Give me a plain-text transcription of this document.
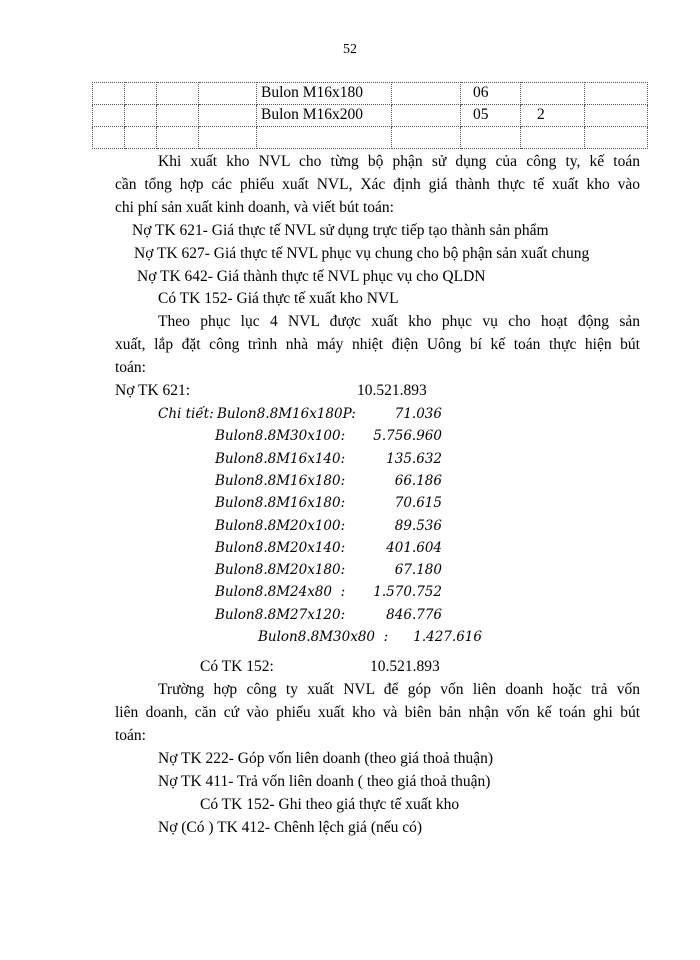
52
				Bulon M16x180		06		
				Bulon M16x200		05	2	

Khi xuất kho NVL cho từng bộ phận sử dụng của công ty, kế toán
cần tổng hợp các phiếu xuất NVL, Xác định giá thành thực tế xuất kho vào
chi phí sản xuất kinh doanh, và viết bút toán:
Nợ TK 621- Giá thực tế NVL sử dụng trực tiếp tạo thành sản phẩm
Nợ TK 627- Giá thực tế NVL phục vụ chung cho bộ phận sản xuất chung
Nợ TK 642- Giá thành thực tế NVL phục vụ cho QLDN
Có TK 152- Giá thực tế xuất kho NVL
Theo phục lục 4 NVL được xuất kho phục vụ cho hoạt động sản
xuất, lắp đặt công trình nhà máy nhiệt điện Uông bí kế toán thực hiện bút
toán:
Nợ TK 621:	10.521.893
Chi tiết: Bulon8.8M16x180P:	71.036
Bulon8.8M30x100:	5.756.960
Bulon8.8M16x140:	135.632
Bulon8.8M16x180:	66.186
Bulon8.8M16x180:	70.615
Bulon8.8M20x100:	89.536
Bulon8.8M20x140:	401.604
Bulon8.8M20x180:	67.180
Bulon8.8M24x80  :	1.570.752
Bulon8.8M27x120:	846.776
Bulon8.8M30x80  :	1.427.616
Có TK 152:	10.521.893
Trường hợp công ty xuất NVL để góp vốn liên doanh hoặc trả vốn
liên doanh, căn cứ vào phiếu xuất kho và biên bản nhận vốn kế toán ghi bút
toán:
Nợ TK 222- Góp vốn liên doanh (theo giá thoả thuận)
Nợ TK 411- Trả vốn liên doanh ( theo giá thoả thuận)
Có TK 152- Ghi theo giá thực tế xuất kho
Nợ (Có ) TK 412- Chênh lệch giá (nếu có)
